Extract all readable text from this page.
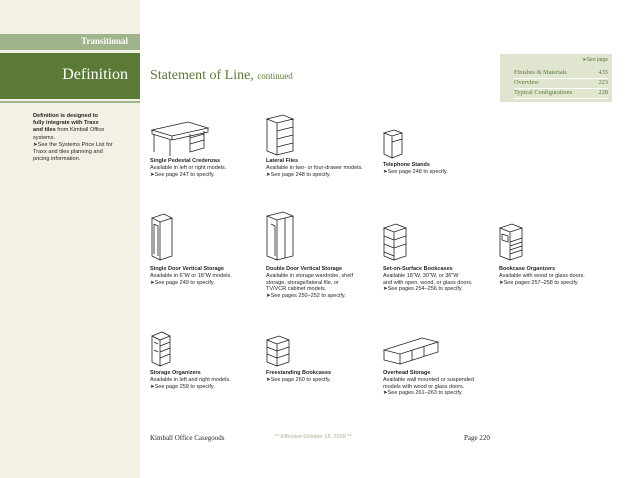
Transitional
Definition
Definition is designed to
fully integrate with Traxx
and tiles from Kimball Office
systems.
➤See the Systems Price List for
Traxx and tiles planning and
pricing information.
Statement of Line, continued
➤See page
Finishes & Materials	435
Overview	223
Typical Configurations	228
Single Pedestal Credenzas
Available in left or right models.
➤See page 247 to specify.
Lateral Files
Available in two- or four-drawer models.
➤See page 248 to specify.
Telephone Stands
➤See page 248 to specify.
Single Door Vertical Storage
Available in 6"W or 18"W models.
➤See page 249 to specify.
Double Door Vertical Storage
Available in storage wardrobe, shelf
storage, storage/lateral file, or
TV/VCR cabinet models.
➤See pages 250–252 to specify.
Set-on-Surface Bookcases
Available 18"W, 30"W, or 36"W
and with open, wood, or glass doors.
➤See pages 254–256 to specify.
Bookcase Organizers
Available with wood or glass doors.
➤See pages 257–258 to specify.
Storage Organizers
Available in left and right models.
➤See page 259 to specify.
Freestanding Bookcases
➤See page 260 to specify.
Overhead Storage
Available wall mounted or suspended
models with wood or glass doors.
➤See pages 261–263 to specify.
Kimball Office Casegoods	** Effective October 15, 2009 **	Page 220
